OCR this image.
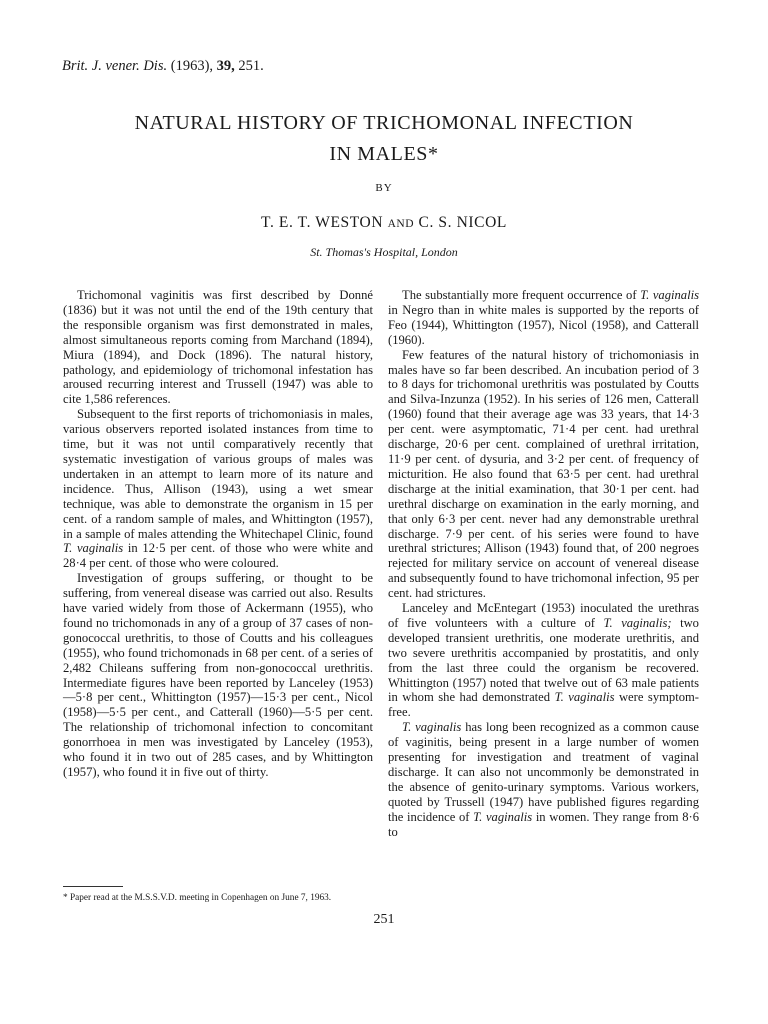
Brit. J. vener. Dis. (1963), 39, 251.
NATURAL HISTORY OF TRICHOMONAL INFECTION
IN MALES*
BY
T. E. T. WESTON AND C. S. NICOL
St. Thomas's Hospital, London

Trichomonal vaginitis was first described by Donné (1836) but it was not until the end of the 19th century that the responsible organism was first demonstrated in males, almost simultaneous reports coming from Marchand (1894), Miura (1894), and Dock (1896). The natural history, pathology, and epidemiology of trichomonal infestation has aroused recurring interest and Trussell (1947) was able to cite 1,586 references.

Subsequent to the first reports of trichomoniasis in males, various observers reported isolated instances from time to time, but it was not until comparatively recently that systematic investigation of various groups of males was undertaken in an attempt to learn more of its nature and incidence. Thus, Allison (1943), using a wet smear technique, was able to demonstrate the organism in 15 per cent. of a random sample of males, and Whittington (1957), in a sample of males attending the Whitechapel Clinic, found T. vaginalis in 12·5 per cent. of those who were white and 28·4 per cent. of those who were coloured.

Investigation of groups suffering, or thought to be suffering, from venereal disease was carried out also. Results have varied widely from those of Ackermann (1955), who found no trichomonads in any of a group of 37 cases of non-gonococcal urethritis, to those of Coutts and his colleagues (1955), who found trichomonads in 68 per cent. of a series of 2,482 Chileans suffering from non-gonococcal urethritis. Intermediate figures have been reported by Lanceley (1953)—5·8 per cent., Whittington (1957)—15·3 per cent., Nicol (1958)—5·5 per cent., and Catterall (1960)—5·5 per cent. The relationship of trichomonal infection to concomitant gonorrhoea in men was investigated by Lanceley (1953), who found it in two out of 285 cases, and by Whittington (1957), who found it in five out of thirty.

The substantially more frequent occurrence of T. vaginalis in Negro than in white males is supported by the reports of Feo (1944), Whittington (1957), Nicol (1958), and Catterall (1960).

Few features of the natural history of trichomoniasis in males have so far been described. An incubation period of 3 to 8 days for trichomonal urethritis was postulated by Coutts and Silva-Inzunza (1952). In his series of 126 men, Catterall (1960) found that their average age was 33 years, that 14·3 per cent. were asymptomatic, 71·4 per cent. had urethral discharge, 20·6 per cent. complained of urethral irritation, 11·9 per cent. of dysuria, and 3·2 per cent. of frequency of micturition. He also found that 63·5 per cent. had urethral discharge at the initial examination, that 30·1 per cent. had urethral discharge on examination in the early morning, and that only 6·3 per cent. never had any demonstrable urethral discharge. 7·9 per cent. of his series were found to have urethral strictures; Allison (1943) found that, of 200 negroes rejected for military service on account of venereal disease and subsequently found to have trichomonal infection, 95 per cent. had strictures.

Lanceley and McEntegart (1953) inoculated the urethras of five volunteers with a culture of T. vaginalis; two developed transient urethritis, one moderate urethritis, and two severe urethritis accompanied by prostatitis, and only from the last three could the organism be recovered. Whittington (1957) noted that twelve out of 63 male patients in whom she had demonstrated T. vaginalis were symptom-free.

T. vaginalis has long been recognized as a common cause of vaginitis, being present in a large number of women presenting for investigation and treatment of vaginal discharge. It can also not uncommonly be demonstrated in the absence of genito-urinary symptoms. Various workers, quoted by Trussell (1947) have published figures regarding the incidence of T. vaginalis in women. They range from 8·6 to

* Paper read at the M.S.S.V.D. meeting in Copenhagen on June 7, 1963.
251
